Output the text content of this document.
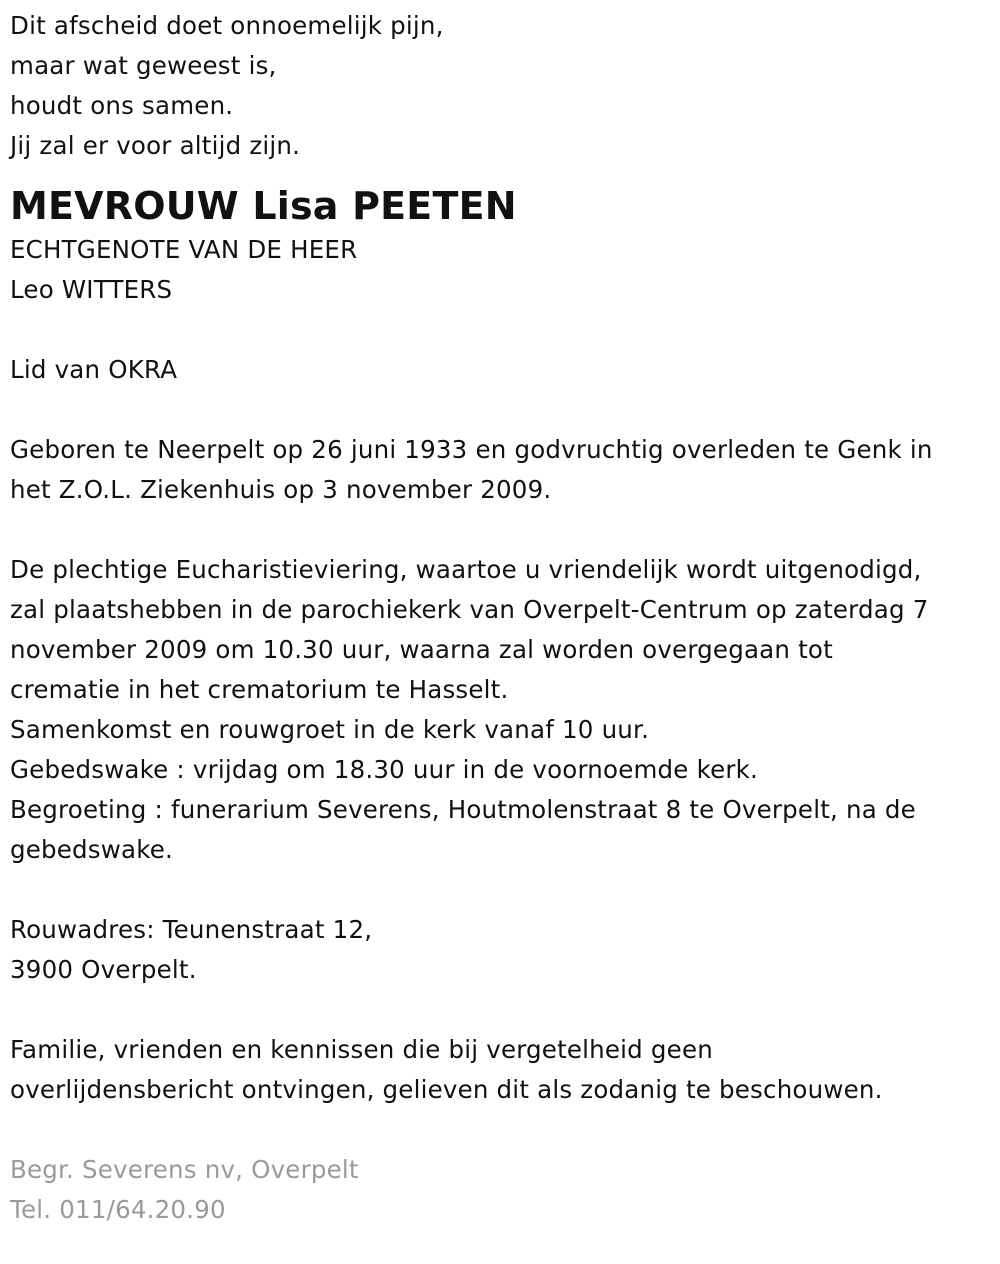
Dit afscheid doet onnoemelijk pijn,
maar wat geweest is,
houdt ons samen.
Jij zal er voor altijd zijn.
MEVROUW Lisa PEETEN
ECHTGENOTE VAN DE HEER
Leo WITTERS
Lid van OKRA
Geboren te Neerpelt op 26 juni 1933 en godvruchtig overleden te Genk in
het Z.O.L. Ziekenhuis op 3 november 2009.
De plechtige Eucharistieviering, waartoe u vriendelijk wordt uitgenodigd,
zal plaatshebben in de parochiekerk van Overpelt-Centrum op zaterdag 7
november 2009 om 10.30 uur, waarna zal worden overgegaan tot
crematie in het crematorium te Hasselt.
Samenkomst en rouwgroet in de kerk vanaf 10 uur.
Gebedswake : vrijdag om 18.30 uur in de voornoemde kerk.
Begroeting : funerarium Severens, Houtmolenstraat 8 te Overpelt, na de
gebedswake.
Rouwadres: Teunenstraat 12,
3900 Overpelt.
Familie, vrienden en kennissen die bij vergetelheid geen
overlijdensbericht ontvingen, gelieven dit als zodanig te beschouwen.
Begr. Severens nv, Overpelt
Tel. 011/64.20.90
